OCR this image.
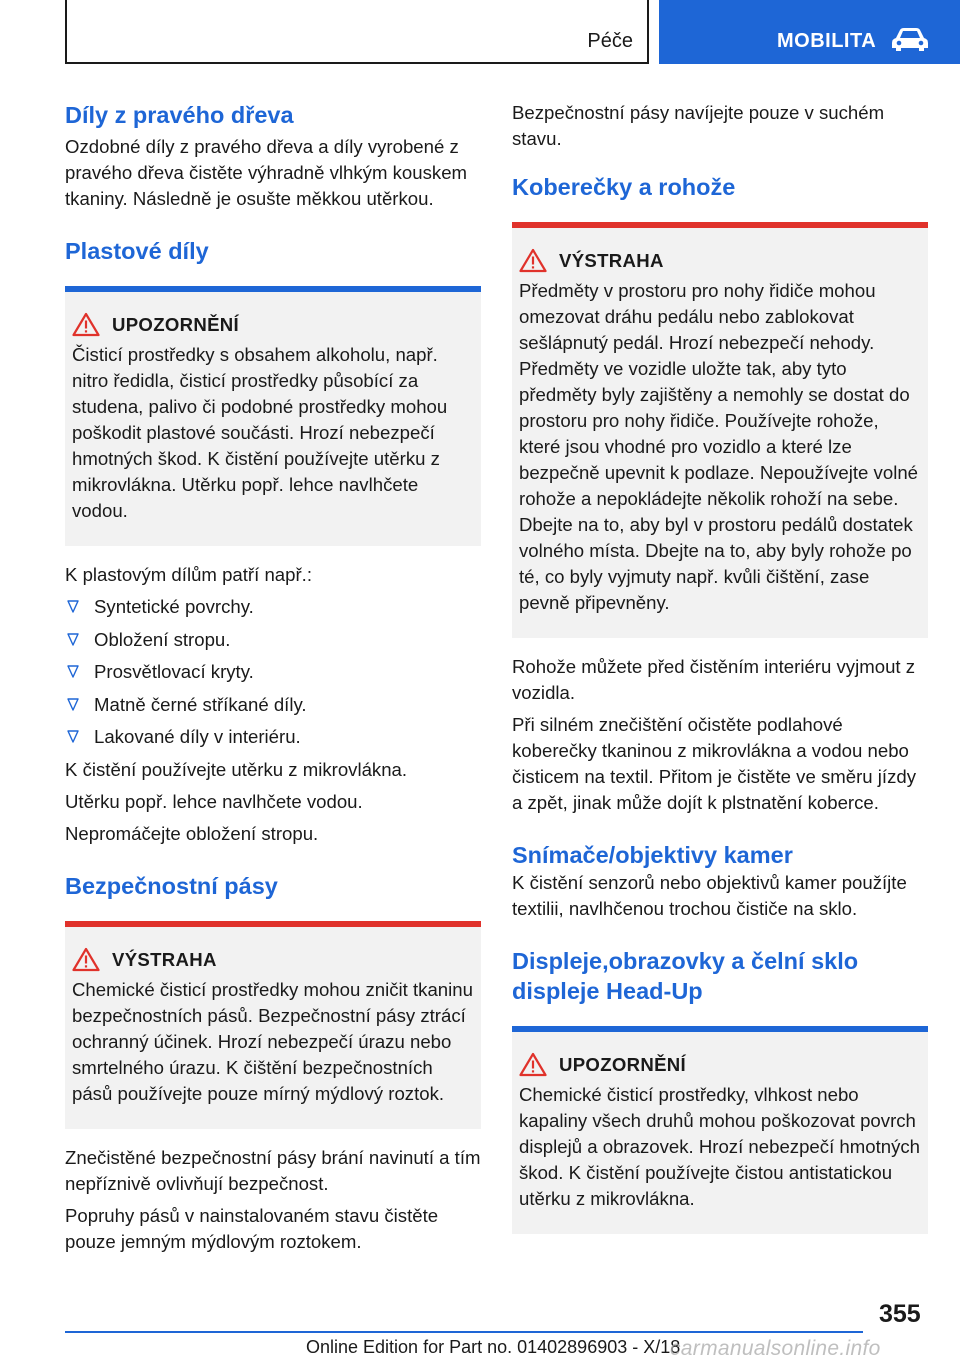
Péče	MOBILITA
Díly z pravého dřeva

Ozdobné díly z pravého dřeva a díly vyrobené z pravého dřeva čistěte výhradně vlhkým kouskem tkaniny. Následně je osušte měkkou utěrkou.

Plastové díly
UPOZORNĚNÍ

Čisticí prostředky s obsahem alkoholu, např. nitro ředidla, čisticí prostředky působící za studena, palivo či podobné prostředky mohou poškodit plastové součásti. Hrozí nebezpečí hmotných škod. K čistění používejte utěrku z mikrovlákna. Utěrku popř. lehce navlhčete vodou.

K plastovým dílům patří např.:

Syntetické povrchy.
Obložení stropu.
Prosvětlovací kryty.
Matně černé stříkané díly.
Lakované díly v interiéru.

K čistění používejte utěrku z mikrovlákna.

Utěrku popř. lehce navlhčete vodou.

Nepromáčejte obložení stropu.

Bezpečnostní pásy
VÝSTRAHA

Chemické čisticí prostředky mohou zničit tkaninu bezpečnostních pásů. Bezpečnostní pásy ztrácí ochranný účinek. Hrozí nebezpečí úrazu nebo smrtelného úrazu. K čištění bezpečnostních pásů používejte pouze mírný mýdlový roztok.

Znečistěné bezpečnostní pásy brání navinutí a tím nepříznivě ovlivňují bezpečnost.

Popruhy pásů v nainstalovaném stavu čistěte pouze jemným mýdlovým roztokem.

Bezpečnostní pásy navíjejte pouze v suchém stavu.

Koberečky a rohože
VÝSTRAHA

Předměty v prostoru pro nohy řidiče mohou omezovat dráhu pedálu nebo zablokovat sešlápnutý pedál. Hrozí nebezpečí nehody. Předměty ve vozidle uložte tak, aby tyto předměty byly zajištěny a nemohly se dostat do prostoru pro nohy řidiče. Používejte rohože, které jsou vhodné pro vozidlo a které lze bezpečně upevnit k podlaze. Nepoužívejte volné rohože a nepokládejte několik rohoží na sebe. Dbejte na to, aby byl v prostoru pedálů dostatek volného místa. Dbejte na to, aby byly rohože po té, co byly vyjmuty např. kvůli čištění, zase pevně připevněny.

Rohože můžete před čistěním interiéru vyjmout z vozidla.

Při silném znečištění očistěte podlahové koberečky tkaninou z mikrovlákna a vodou nebo čisticem na textil. Přitom je čistěte ve směru jízdy a zpět, jinak může dojít k plstnatění koberce.

Snímače/objektivy kamer

K čistění senzorů nebo objektivů kamer použíjte textilii, navlhčenou trochou čističe na sklo.

Displeje,obrazovky a čelní sklo displeje Head-Up
UPOZORNĚNÍ

Chemické čisticí prostředky, vlhkost nebo kapaliny všech druhů mohou poškozovat povrch displejů a obrazovek. Hrozí nebezpečí hmotných škod. K čistění používejte čistou antistatickou utěrku z mikrovlákna.

355
Online Edition for Part no. 01402896903 - X/18
carmanualsonline.info
